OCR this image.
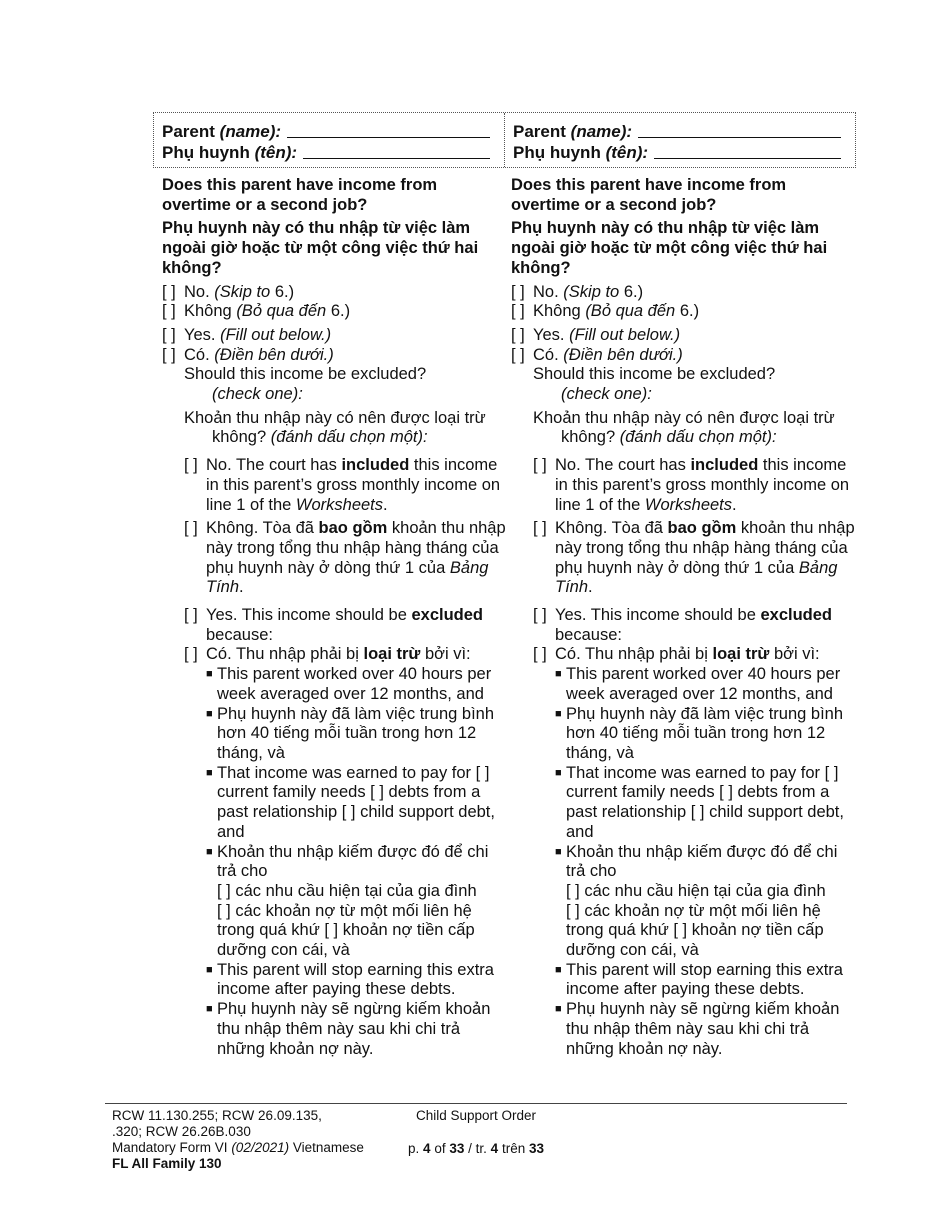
Parent
(name):
Phụ huynh
(tên):
Parent
(name):
Phụ huynh
(tên):
Does this parent have income from overtime or a second job?
Phụ huynh này có thu nhập từ việc làm ngoài giờ hoặc từ một công việc thứ hai không?
[ ] No. (Skip to 6.)
[ ] Không (Bỏ qua đến 6.)
[ ] Yes. (Fill out below.)
[ ] Có. (Điền bên dưới.)
Should this income be excluded?
(check one):
Khoản thu nhập này có nên được loại trừ
không? (đánh dấu chọn một):
[ ] No. The court has included this income in this parent’s gross monthly income on line 1 of the Worksheets.
[ ] Không. Tòa đã bao gồm khoản thu nhập này trong tổng thu nhập hàng tháng của phụ huynh này ở dòng thứ 1 của Bảng Tính.
[ ] Yes. This income should be excluded because:
[ ] Có. Thu nhập phải bị loại trừ bởi vì:
■ This parent worked over 40 hours per week averaged over 12 months, and
■ Phụ huynh này đã làm việc trung bình hơn 40 tiếng mỗi tuần trong hơn 12 tháng, và
■ That income was earned to pay for [ ] current family needs [ ] debts from a past relationship [ ] child support debt, and
■ Khoản thu nhập kiếm được đó để chi trả cho
[ ] các nhu cầu hiện tại của gia đình
[ ] các khoản nợ từ một mối liên hệ trong quá khứ [ ] khoản nợ tiền cấp dưỡng con cái, và
■ This parent will stop earning this extra income after paying these debts.
■ Phụ huynh này sẽ ngừng kiếm khoản thu nhập thêm này sau khi chi trả những khoản nợ này.
Does this parent have income from overtime or a second job?
Phụ huynh này có thu nhập từ việc làm ngoài giờ hoặc từ một công việc thứ hai không?
[ ] No. (Skip to 6.)
[ ] Không (Bỏ qua đến 6.)
[ ] Yes. (Fill out below.)
[ ] Có. (Điền bên dưới.)
Should this income be excluded?
(check one):
Khoản thu nhập này có nên được loại trừ
không? (đánh dấu chọn một):
[ ] No. The court has included this income in this parent’s gross monthly income on line 1 of the Worksheets.
[ ] Không. Tòa đã bao gồm khoản thu nhập này trong tổng thu nhập hàng tháng của phụ huynh này ở dòng thứ 1 của Bảng Tính.
[ ] Yes. This income should be excluded because:
[ ] Có. Thu nhập phải bị loại trừ bởi vì:
■ This parent worked over 40 hours per week averaged over 12 months, and
■ Phụ huynh này đã làm việc trung bình hơn 40 tiếng mỗi tuần trong hơn 12 tháng, và
■ That income was earned to pay for [ ] current family needs [ ] debts from a past relationship [ ] child support debt, and
■ Khoản thu nhập kiếm được đó để chi trả cho
[ ] các nhu cầu hiện tại của gia đình
[ ] các khoản nợ từ một mối liên hệ trong quá khứ [ ] khoản nợ tiền cấp dưỡng con cái, và
■ This parent will stop earning this extra income after paying these debts.
■ Phụ huynh này sẽ ngừng kiếm khoản thu nhập thêm này sau khi chi trả những khoản nợ này.
RCW 11.130.255; RCW 26.09.135,
.320; RCW 26.26B.030
Mandatory Form VI (02/2021) Vietnamese
FL All Family 130
Child Support Order
p. 4 of 33 / tr. 4 trên 33
